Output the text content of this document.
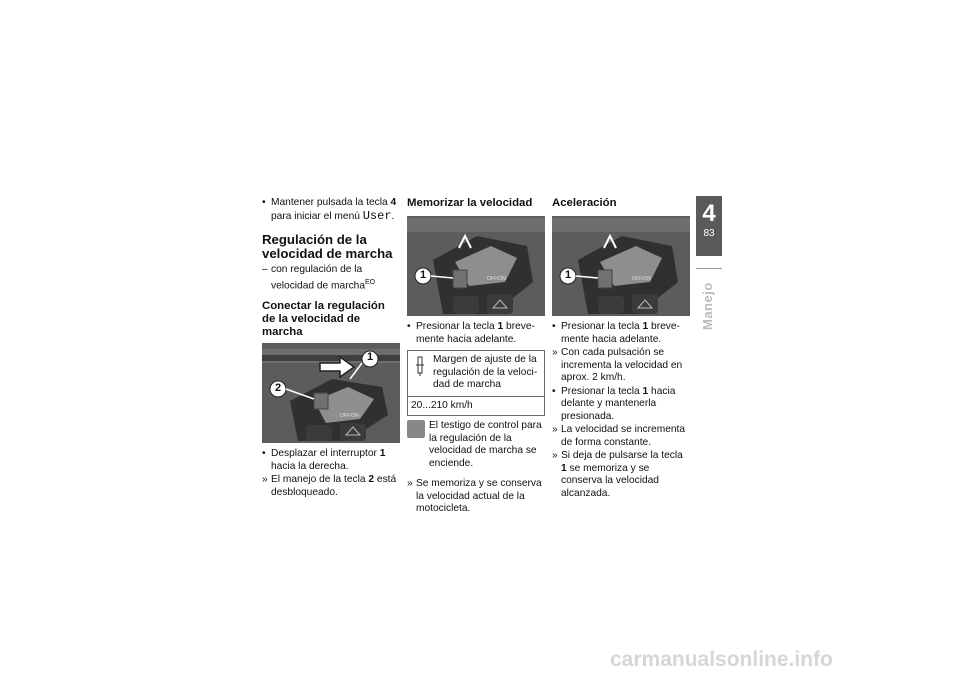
• Mantener pulsada la tecla 4 para iniciar el menú User.
Regulación de la velocidad de marcha
– con regulación de la velocidad de marcha$^{EO}$
Conectar la regulación de la velocidad de marcha
OFF/ON
1
2
• Desplazar el interruptor 1 hacia la derecha.
» El manejo de la tecla 2 está desbloqueado.
Memorizar la velocidad
OFF/ON
1
• Presionar la tecla 1 brevemente hacia adelante.
Margen de ajuste de la regulación de la velocidad de marcha
20...210 km/h
El testigo de control para la regulación de la velocidad de marcha se enciende.
» Se memoriza y se conserva la velocidad actual de la motocicleta.
Aceleración
OFF/ON
1
• Presionar la tecla 1 brevemente hacia adelante.
» Con cada pulsación se incrementa la velocidad en aprox. 2 km/h.
• Presionar la tecla 1 hacia delante y mantenerla presionada.
» La velocidad se incrementa de forma constante.
» Si deja de pulsarse la tecla 1 se memoriza y se conserva la velocidad alcanzada.
4
83
Manejo
carmanualsonline.info
